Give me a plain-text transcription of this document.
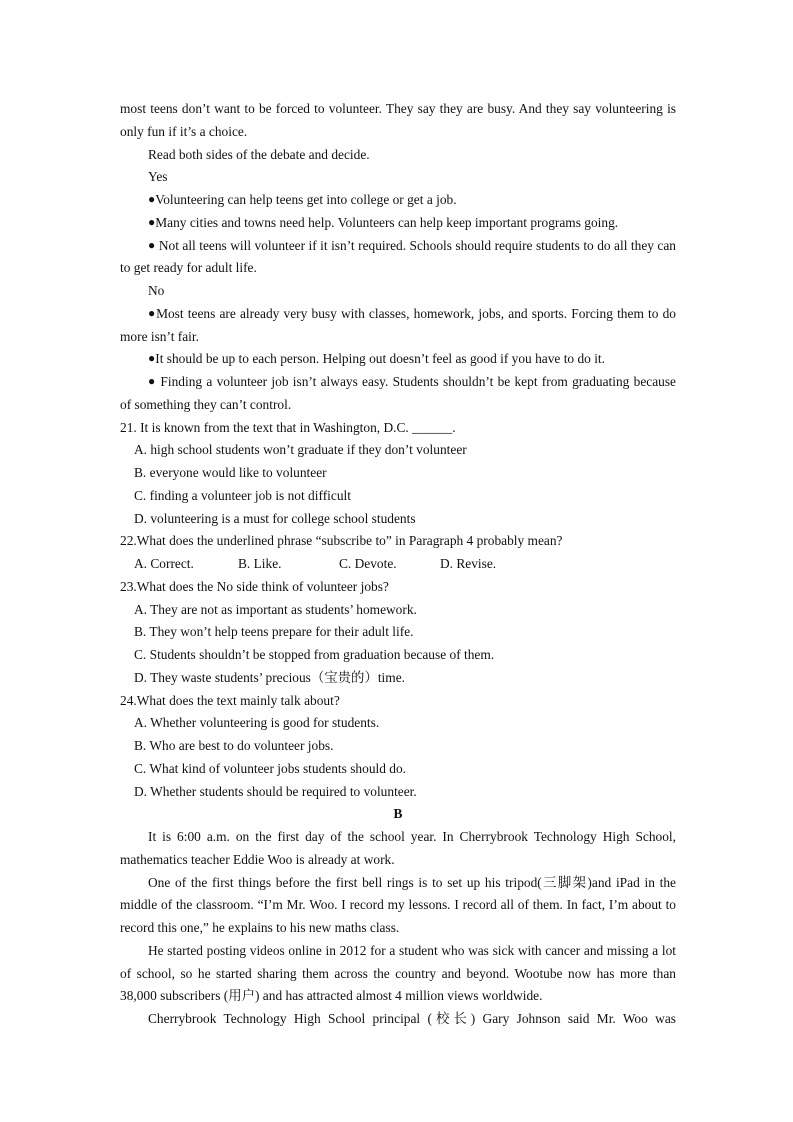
most teens don’t want to be forced to volunteer. They say they are busy. And they say volunteering is only fun if it’s a choice.

Read both sides of the debate and decide.

Yes

●Volunteering can help teens get into college or get a job.

●Many cities and towns need help. Volunteers can help keep important programs going.

● Not all teens will volunteer if it isn’t required. Schools should require students to do all they can to get ready for adult life.

No

●Most teens are already very busy with classes, homework, jobs, and sports. Forcing them to do more isn’t fair.

●It should be up to each person. Helping out doesn’t feel as good if you have to do it.

● Finding a volunteer job isn’t always easy. Students shouldn’t be kept from graduating because of something they can’t control.

21. It is known from the text that in Washington, D.C. ______.

A. high school students won’t graduate if they don’t volunteer

B. everyone would like to volunteer

C. finding a volunteer job is not difficult

D. volunteering is a must for college school students

22.What does the underlined phrase “subscribe to” in Paragraph 4 probably mean?

A. Correct.	B. Like.	C. Devote.	D. Revise.

23.What does the No side think of volunteer jobs?

A. They are not as important as students’ homework.

B. They won’t help teens prepare for their adult life.

C. Students shouldn’t be stopped from graduation because of them.

D. They waste students’ precious（宝贵的）time.

24.What does the text mainly talk about?

A. Whether volunteering is good for students.

B. Who are best to do volunteer jobs.

C. What kind of volunteer jobs students should do.

D. Whether students should be required to volunteer.

B

It is 6:00 a.m. on the first day of the school year. In Cherrybrook Technology High School, mathematics teacher Eddie Woo is already at work.

One of the first things before the first bell rings is to set up his tripod(三脚架)and iPad in the middle of the classroom. “I’m Mr. Woo. I record my lessons. I record all of them. In fact, I’m about to record this one,” he explains to his new maths class.

He started posting videos online in 2012 for a student who was sick with cancer and missing a lot of school, so he started sharing them across the country and beyond. Wootube now has more than 38,000 subscribers (用户) and has attracted almost 4 million views worldwide.

Cherrybrook Technology High School principal (校长) Gary Johnson said Mr. Woo was
